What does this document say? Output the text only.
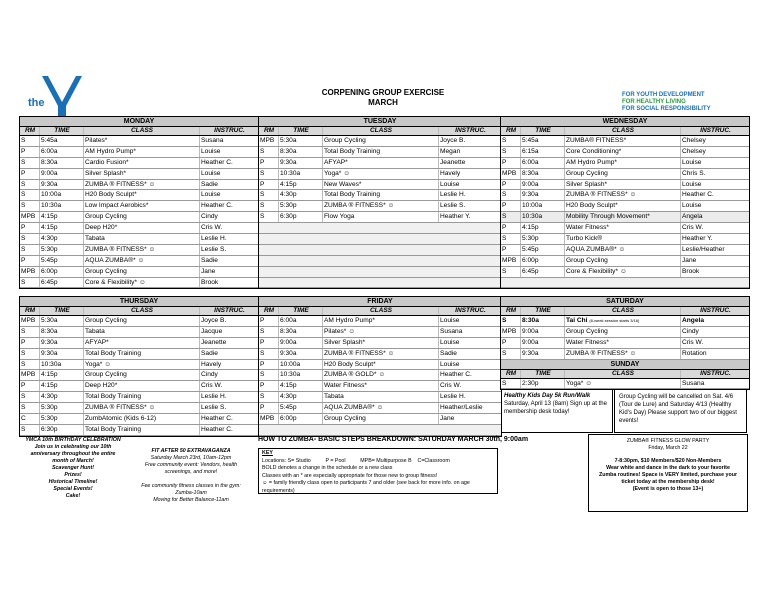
the
CORPENING GROUP EXERCISE
MARCH
FOR YOUTH DEVELOPMENT
FOR HEALTHY LIVING
FOR SOCIAL RESPONSIBILITY
MONDAY
RM	TIME	CLASS	INSTRUC.
S	5:45a	Pilates*	Susana
P	6:00a	AM Hydro Pump*	Louise
S	8:30a	Cardio Fusion*	Heather C.
P	9:00a	Silver Splash*	Louise
S	9:30a	ZUMBA ® FITNESS* ☺	Sadie
S	10:00a	H20 Body Sculpt*	Louise
S	10:30a	Low Impact Aerobics*	Heather C.
MPB 4:15p	Group Cycling	Cindy
P	4:15p	Deep H20*	Cris W.
S	4:30p	Tabata	Leslie H.
S	5:30p	ZUMBA ® FITNESS* ☺	Leslie S.
P	5:45p	AQUA ZUMBA®* ☺	Sadie
MPB 6:00p	Group Cycling	Jane
S	6:45p	Core & Flexibility* ☺	Brook
TUESDAY
RM	TIME	CLASS	INSTRUC.
MPB 5:30a	Group Cycling	Joyce B.
S	8:30a	Total Body Training	Megan
P	9:30a	AFYAP*	Jeanette
S	10:30a	Yoga* ☺	Havely
P	4:15p	New Waves*	Louise
S	4:30p	Total Body Training	Leslie H.
S	5:30p	ZUMBA ® FITNESS* ☺	Leslie S.
S	6:30p	Flow Yoga	Heather Y.
WEDNESDAY
RM	TIME	CLASS	INSTRUC.
S	5:45a	ZUMBA® FITNESS*	Chelsey
S	6:15a	Core Conditioning*	Chelsey
P	6:00a	AM Hydro Pump*	Louise
MPB 8:30a	Group Cycling	Chris S.
P	9:00a	Silver Splash*	Louise
S	9:30a	ZUMBA ® FITNESS* ☺	Heather C.
P	10:00a	H20 Body Sculpt*	Louise
S	10:30a	Mobility Through Movement*	Angela
P	4:15p	Water Fitness*	Cris W.
S	5:30p	Turbo Kick®	Heather Y.
P	5:45p	AQUA ZUMBA®* ☺	Leslie/Heather
MPB 6:00p	Group Cycling	Jane
S	6:45p	Core & Flexibility* ☺	Brook
THURSDAY
RM	TIME	CLASS	INSTRUC.
MPB 5:30a	Group Cycling	Joyce B.
S	8:30a	Tabata	Jacque
P	9:30a	AFYAP*	Jeanette
S	9:30a	Total Body Training	Sadie
S	10:30a	Yoga* ☺	Havely
MPB 4:15p	Group Cycling	Cindy
P	4:15p	Deep H20*	Cris W.
S	4:30p	Total Body Training	Leslie H.
S	5:30p	ZUMBA ® FITNESS* ☺	Leslie S.
C	5:30p	ZumbAtomic (Kids 6-12)	Heather C.
S	6:30p	Total Body Training	Heather C.
FRIDAY
RM	TIME	CLASS	INSTRUC.
P	6:00a	AM Hydro Pump*	Louise
S	8:30a	Pilates* ☺	Susana
P	9:00a	Silver Splash*	Louise
S	9:30a	ZUMBA ® FITNESS* ☺	Sadie
P	10:00a	H20 Body Sculpt*	Louise
S	10:30a	ZUMBA ® GOLD* ☺	Heather C.
P	4:15p	Water Fitness*	Cris W.
S	4:30p	Tabata	Leslie H.
P	5:45p	AQUA ZUMBA®* ☺	Heather/Leslie
MPB 6:00p	Group Cycling	Jane
SATURDAY
RM	TIME	CLASS	INSTRUC.
S	8:30a	Tai Chi (8-week session starts 3/16)	Angela
MPB 9:00a	Group Cycling	Cindy
P	9:00a	Water Fitness*	Cris W.
S	9:30a	ZUMBA ® FITNESS* ☺	Rotation
SUNDAY
RM	TIME	CLASS	INSTRUC.
S	2:30p	Yoga* ☺	Susana
Healthy Kids Day 5k Run/Walk
Saturday, April 13 (8am) Sign up at the membership desk today!
Group Cycling will be cancelled on Sat. 4/6 (Tour de Lure) and Saturday 4/13 (Healthy Kid's Day) Please support two of our biggest events!
YMCA 10th BIRTHDAY CELEBRATION
Join us in celebrating our 10th
anniversary throughout the entire
month of March!
Scavenger Hunt!
Prizes!
Historical Timeline!
Special Events!
Cake!
FIT AFTER 50 EXTRAVAGANZA
Saturday March 23rd, 10am-12pm
Free community event: Vendors, health
screenings, and more!
Fee community fitness classes in the gym:
Zumba-10am
Moving for Better Balance-11am
HOW TO ZUMBA- BASIC STEPS BREAKDOWN: SATURDAY MARCH 30th, 9:00am
KEY
Locations: S= Studio          P = Pool          MPB= Multipurpose B    C=Classroom
BOLD denotes a change in the schedule or a new class
Classes with an * are especially appropriate for those new to group fitness!
☺ = family friendly class open to participants 7 and older (see back for more info. on age requirements)
ZUMBA® FITNESS GLOW PARTY
Friday, March 22
7-8:30pm, $10 Members/$20 Non-Members
Wear white and dance in the dark to your favorite
Zumba routines! Space is VERY limited, purchase your
ticket today at the membership desk!
(Event is open to those 13+)
